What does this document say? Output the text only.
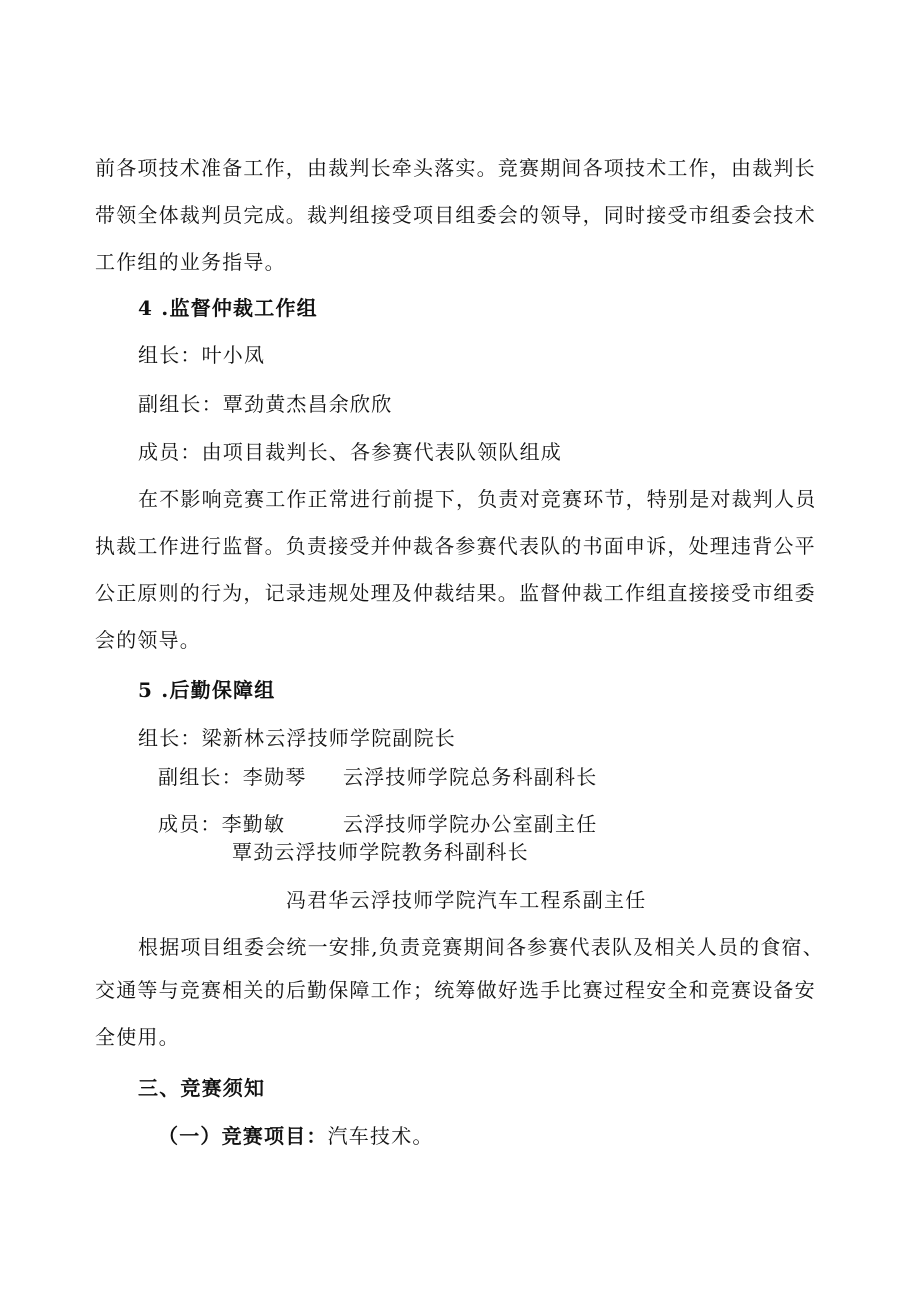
前各项技术准备工作，由裁判长牵头落实。竞赛期间各项技术工作，由裁判长
带领全体裁判员完成。裁判组接受项目组委会的领导，同时接受市组委会技术
工作组的业务指导。
4 .监督仲裁工作组
组长：叶小凤
副组长：覃劲黄杰昌余欣欣
成员：由项目裁判长、各参赛代表队领队组成
在不影响竞赛工作正常进行前提下，负责对竞赛环节，特别是对裁判人员
执裁工作进行监督。负责接受并仲裁各参赛代表队的书面申诉，处理违背公平
公正原则的行为，记录违规处理及仲裁结果。监督仲裁工作组直接接受市组委
会的领导。
5 .后勤保障组
组长：梁新林云浮技师学院副院长
副组长：李勋琴 云浮技师学院总务科副科长
成员：李勤敏	云浮技师学院办公室副主任
覃劲云浮技师学院教务科副科长
冯君华云浮技师学院汽车工程系副主任
根据项目组委会统一安排,负责竞赛期间各参赛代表队及相关人员的食宿、
交通等与竞赛相关的后勤保障工作；统筹做好选手比赛过程安全和竞赛设备安
全使用。
三、竞赛须知
（一）竞赛项目：汽车技术。
